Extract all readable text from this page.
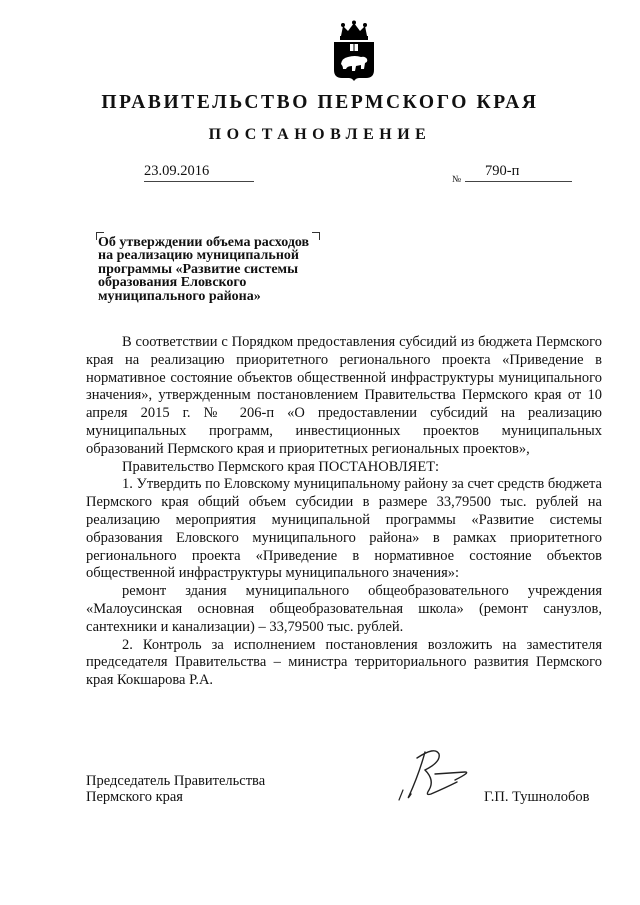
ПРАВИТЕЛЬСТВО ПЕРМСКОГО КРАЯ
ПОСТАНОВЛЕНИЕ
23.09.2016
№
790-п
Об утверждении объема расходов
на реализацию муниципальной
программы «Развитие системы
образования Еловского
муниципального района»

В соответствии с Порядком предоставления субсидий из бюджета Пермского края на реализацию приоритетного регионального проекта «Приведение в нормативное состояние объектов общественной инфраструктуры муниципального значения», утвержденным постановлением Правительства Пермского края от 10 апреля 2015 г. № 206-п «О предоставлении субсидий на реализацию муниципальных программ, инвестиционных проектов муниципальных образований Пермского края и приоритетных региональных проектов»,

Правительство Пермского края ПОСТАНОВЛЯЕТ:

1. Утвердить по Еловскому муниципальному району за счет средств бюджета Пермского края общий объем субсидии в размере 33,79500 тыс. рублей на реализацию мероприятия муниципальной программы «Развитие системы образования Еловского муниципального района» в рамках приоритетного регионального проекта «Приведение в нормативное состояние объектов общественной инфраструктуры муниципального значения»:

ремонт здания муниципального общеобразовательного учреждения «Малоусинская основная общеобразовательная школа» (ремонт санузлов, сантехники и канализации) – 33,79500 тыс. рублей.

2. Контроль за исполнением постановления возложить на заместителя председателя Правительства – министра территориального развития Пермского края Кокшарова Р.А.

Председатель Правительства
Пермского края	Г.П. Тушнолобов
